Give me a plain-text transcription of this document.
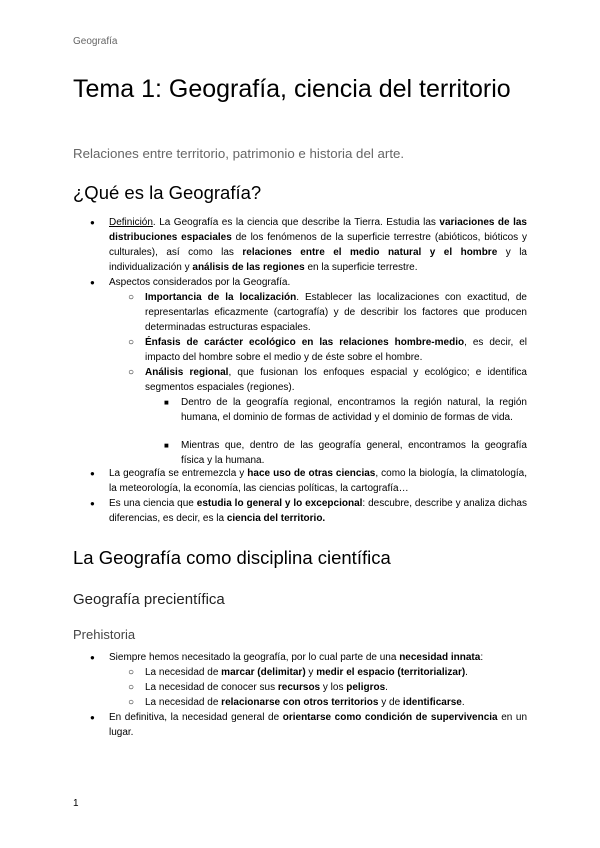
Geografía
Tema 1: Geografía, ciencia del territorio
Relaciones entre territorio, patrimonio e historia del arte.
¿Qué es la Geografía?
● Definición. La Geografía es la ciencia que describe la Tierra. Estudia las variaciones de las distribuciones espaciales de los fenómenos de la superficie terrestre (abióticos, bióticos y culturales), así como las relaciones entre el medio natural y el hombre y la individualización y análisis de las regiones en la superficie terrestre.
● Aspectos considerados por la Geografía.
○ Importancia de la localización. Establecer las localizaciones con exactitud, de representarlas eficazmente (cartografía) y de describir los factores que producen determinadas estructuras espaciales.
○ Énfasis de carácter ecológico en las relaciones hombre-medio, es decir, el impacto del hombre sobre el medio y de éste sobre el hombre.
○ Análisis regional, que fusionan los enfoques espacial y ecológico; e identifica segmentos espaciales (regiones).
■ Dentro de la geografía regional, encontramos la región natural, la región humana, el dominio de formas de actividad y el dominio de formas de vida.
■ Mientras que, dentro de las geografía general, encontramos la geografía física y la humana.
● La geografía se entremezcla y hace uso de otras ciencias, como la biología, la climatología, la meteorología, la economía, las ciencias políticas, la cartografía…
● Es una ciencia que estudia lo general y lo excepcional: descubre, describe y analiza dichas diferencias, es decir, es la ciencia del territorio.
La Geografía como disciplina científica
Geografía precientífica
Prehistoria
● Siempre hemos necesitado la geografía, por lo cual parte de una necesidad innata:
○ La necesidad de marcar (delimitar) y medir el espacio (territorializar).
○ La necesidad de conocer sus recursos y los peligros.
○ La necesidad de relacionarse con otros territorios y de identificarse.
● En definitiva, la necesidad general de orientarse como condición de supervivencia en un lugar.
1
